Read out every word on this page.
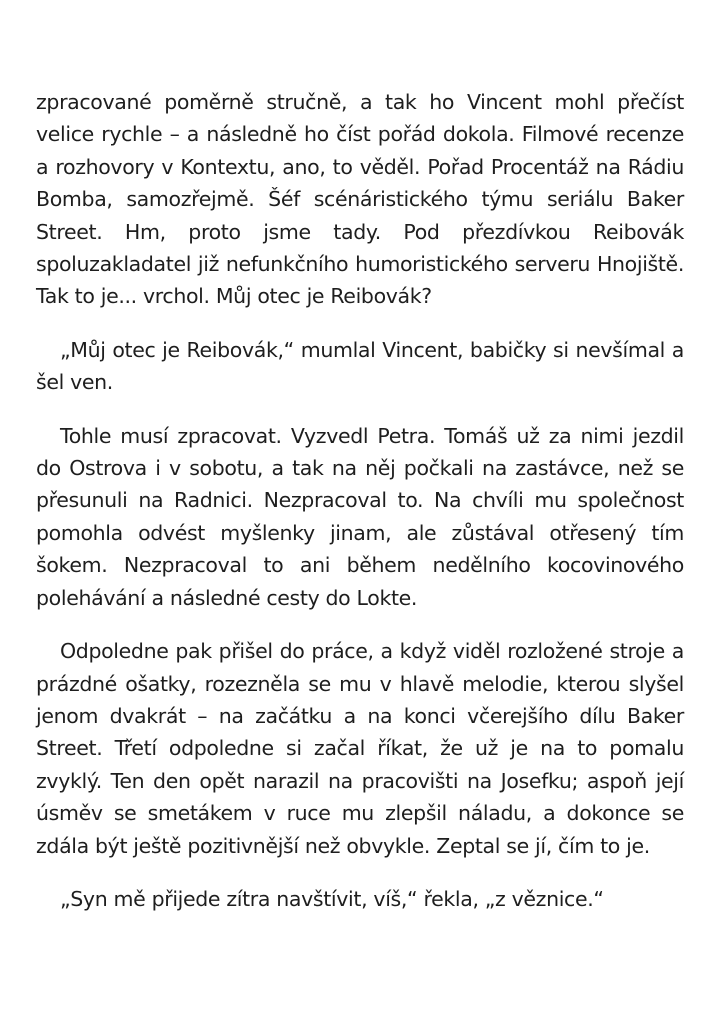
zpracované poměrně stručně, a tak ho Vincent mohl přečíst velice rychle – a následně ho číst pořád dokola. Filmové recenze a rozhovory v Kontextu, ano, to věděl. Pořad Procentáž na Rádiu Bomba, samozřejmě. Šéf scénáristického týmu seriálu Baker Street. Hm, proto jsme tady. Pod přezdívkou Reibovák spoluzakladatel již nefunkčního humoristického serveru Hnojiště. Tak to je... vrchol. Můj otec je Reibovák?

„Můj otec je Reibovák,“ mumlal Vincent, babičky si nevšímal a šel ven.

Tohle musí zpracovat. Vyzvedl Petra. Tomáš už za nimi jezdil do Ostrova i v sobotu, a tak na něj počkali na zastávce, než se přesunuli na Radnici. Nezpracoval to. Na chvíli mu společnost pomohla odvést myšlenky jinam, ale zůstával otřesený tím šokem. Nezpracoval to ani během nedělního kocovinového polehávání a následné cesty do Lokte.

Odpoledne pak přišel do práce, a když viděl rozložené stroje a prázdné ošatky, rozezněla se mu v hlavě melodie, kterou slyšel jenom dvakrát – na začátku a na konci včerejšího dílu Baker Street. Třetí odpoledne si začal říkat, že už je na to pomalu zvyklý. Ten den opět narazil na pracovišti na Josefku; aspoň její úsměv se smetákem v ruce mu zlepšil náladu, a dokonce se zdála být ještě pozitivnější než obvykle. Zeptal se jí, čím to je.

„Syn mě přijede zítra navštívit, víš,“ řekla, „z věznice.“
